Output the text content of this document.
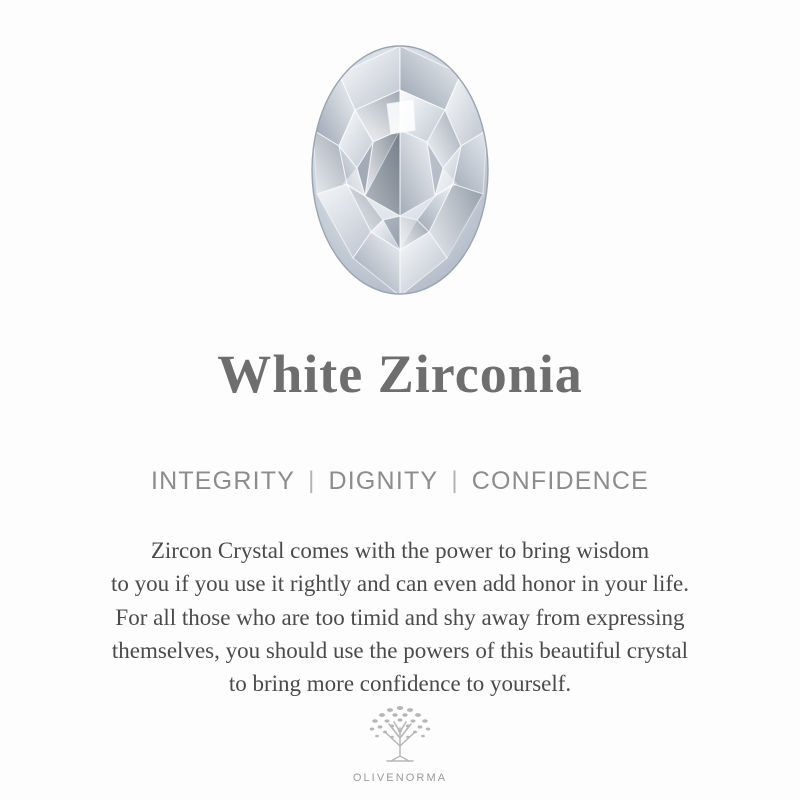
White Zirconia
INTEGRITY | DIGNITY | CONFIDENCE
Zircon Crystal comes with the power to bring wisdom
to you if you use it rightly and can even add honor in your life.
For all those who are too timid and shy away from expressing
themselves, you should use the powers of this beautiful crystal
to bring more confidence to yourself.
OLIVENORMA
